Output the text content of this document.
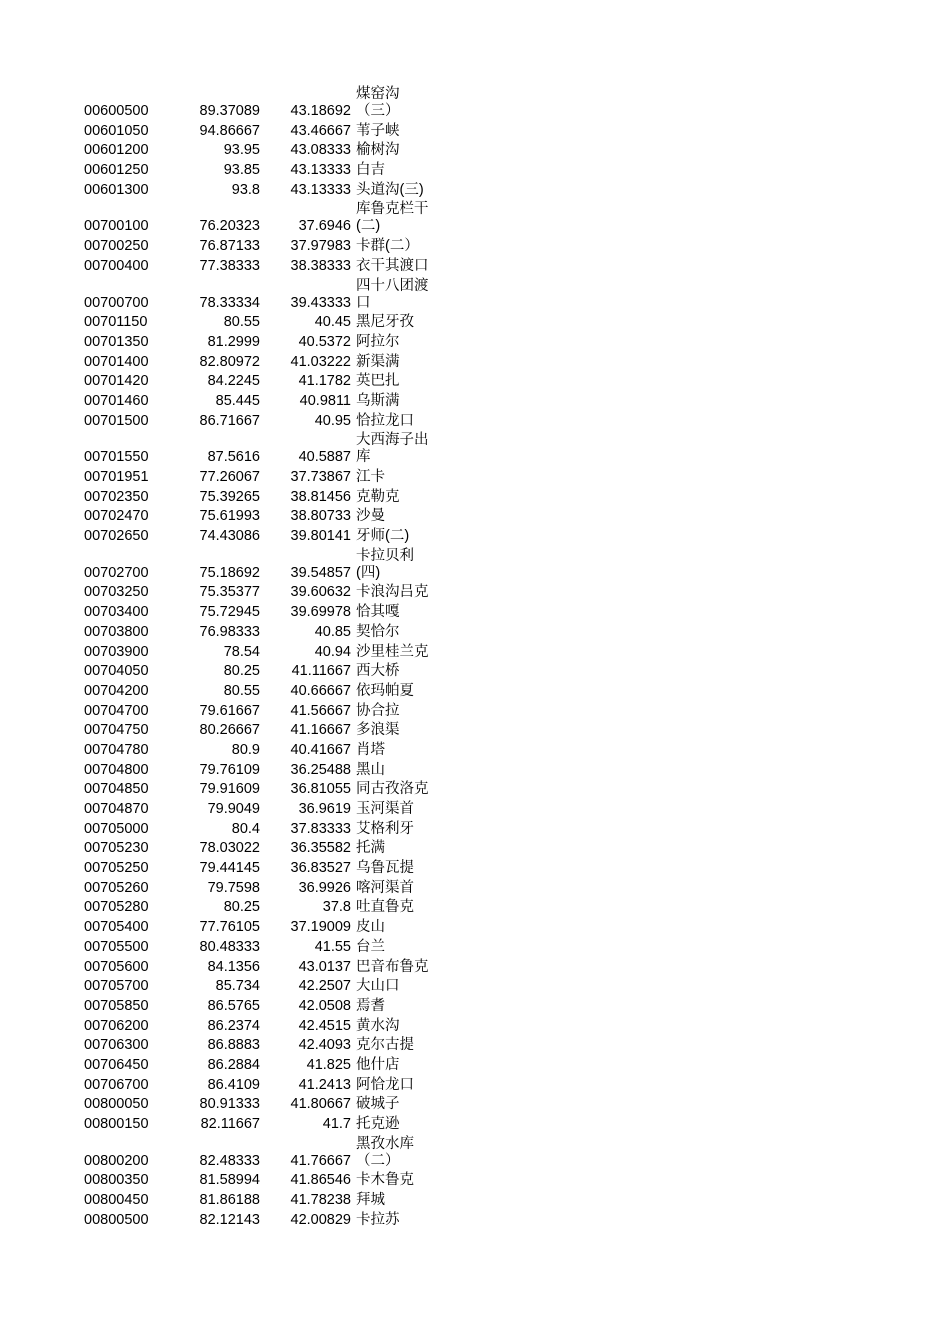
00600500	89.37089	43.18692
煤窑沟
（三）
00601050	94.86667	43.46667 苇子峡
00601200	93.95	43.08333 榆树沟
00601250	93.85	43.13333 白吉
00601300	93.8	43.13333 头道沟(三)
00700100	76.20323	37.6946
库鲁克栏干
(二)
00700250	76.87133	37.97983 卡群(二）
00700400	77.38333	38.38333 衣干其渡口
00700700	78.33334	39.43333
四十八团渡
口
00701150	80.55	40.45 黑尼牙孜
00701350	81.2999	40.5372 阿拉尔
00701400	82.80972	41.03222 新渠满
00701420	84.2245	41.1782 英巴扎
00701460	85.445	40.9811 乌斯满
00701500	86.71667	40.95 恰拉龙口
00701550	87.5616	40.5887
大西海子出
库
00701951	77.26067	37.73867 江卡
00702350	75.39265	38.81456 克勒克
00702470	75.61993	38.80733 沙曼
00702650	74.43086	39.80141 牙师(二)
00702700	75.18692	39.54857
卡拉贝利
(四)
00703250	75.35377	39.60632 卡浪沟吕克
00703400	75.72945	39.69978 恰其嘎
00703800	76.98333	40.85 契恰尔
00703900	78.54	40.94 沙里桂兰克
00704050	80.25	41.11667 西大桥
00704200	80.55	40.66667 依玛帕夏
00704700	79.61667	41.56667 协合拉
00704750	80.26667	41.16667 多浪渠
00704780	80.9	40.41667 肖塔
00704800	79.76109	36.25488 黑山
00704850	79.91609	36.81055 同古孜洛克
00704870	79.9049	36.9619 玉河渠首
00705000	80.4	37.83333 艾格利牙
00705230	78.03022	36.35582 托满
00705250	79.44145	36.83527 乌鲁瓦提
00705260	79.7598	36.9926 喀河渠首
00705280	80.25	37.8 吐直鲁克
00705400	77.76105	37.19009 皮山
00705500	80.48333	41.55 台兰
00705600	84.1356	43.0137 巴音布鲁克
00705700	85.734	42.2507 大山口
00705850	86.5765	42.0508 焉耆
00706200	86.2374	42.4515 黄水沟
00706300	86.8883	42.4093 克尔古提
00706450	86.2884	41.825 他什店
00706700	86.4109	41.2413 阿恰龙口
00800050	80.91333	41.80667 破城子
00800150	82.11667	41.7 托克逊
00800200	82.48333	41.76667
黑孜水库
（二）
00800350	81.58994	41.86546 卡木鲁克
00800450	81.86188	41.78238 拜城
00800500	82.12143	42.00829 卡拉苏
